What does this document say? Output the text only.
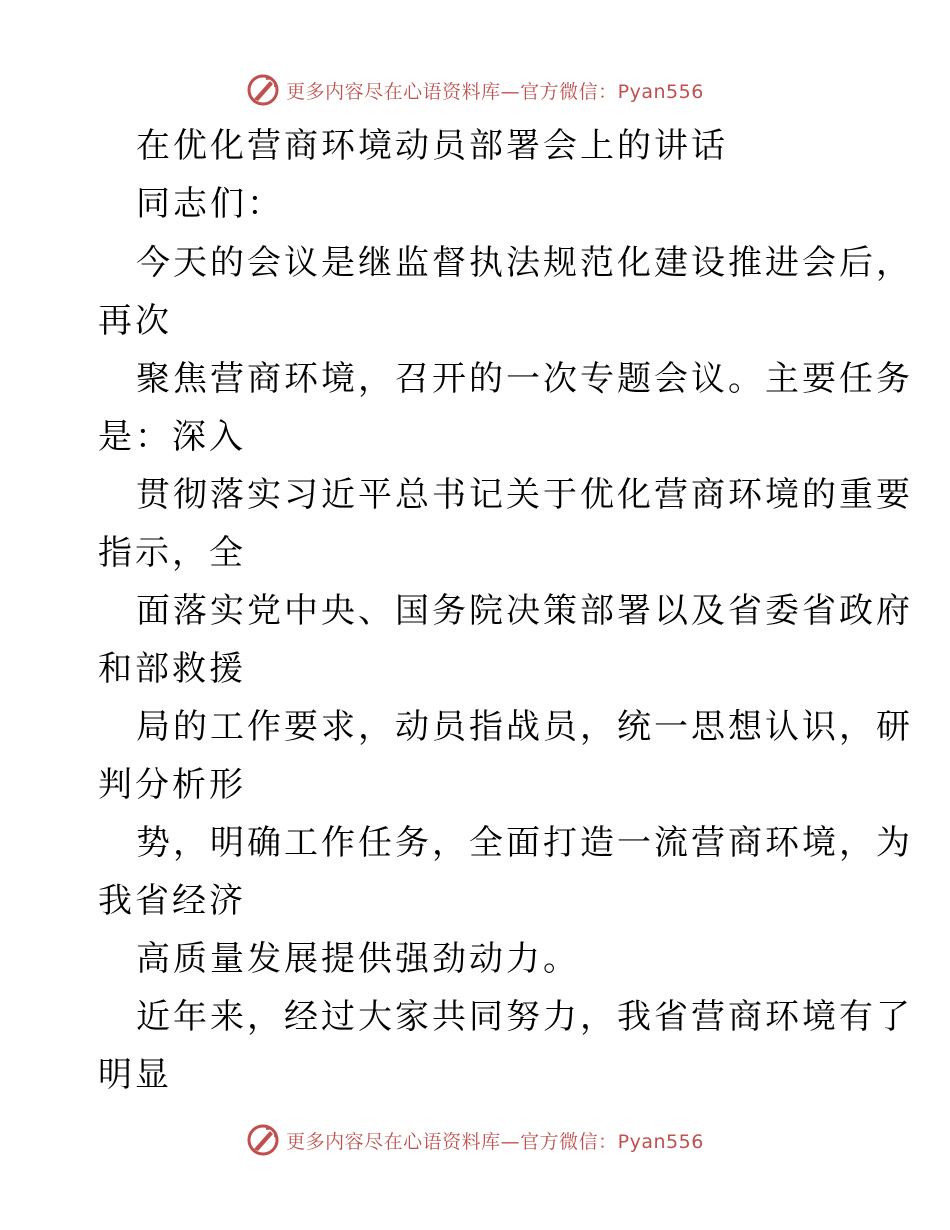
更多内容尽在心语资料库—官方微信：Pyan556
在优化营商环境动员部署会上的讲话
同志们：
今天的会议是继监督执法规范化建设推进会后，
再次
聚焦营商环境，召开的一次专题会议。主要任务
是：深入
贯彻落实习近平总书记关于优化营商环境的重要
指示，全
面落实党中央、国务院决策部署以及省委省政府
和部救援
局的工作要求，动员指战员，统一思想认识，研
判分析形
势，明确工作任务，全面打造一流营商环境，为
我省经济
高质量发展提供强劲动力。
近年来，经过大家共同努力，我省营商环境有了
明显
更多内容尽在心语资料库—官方微信：Pyan556
